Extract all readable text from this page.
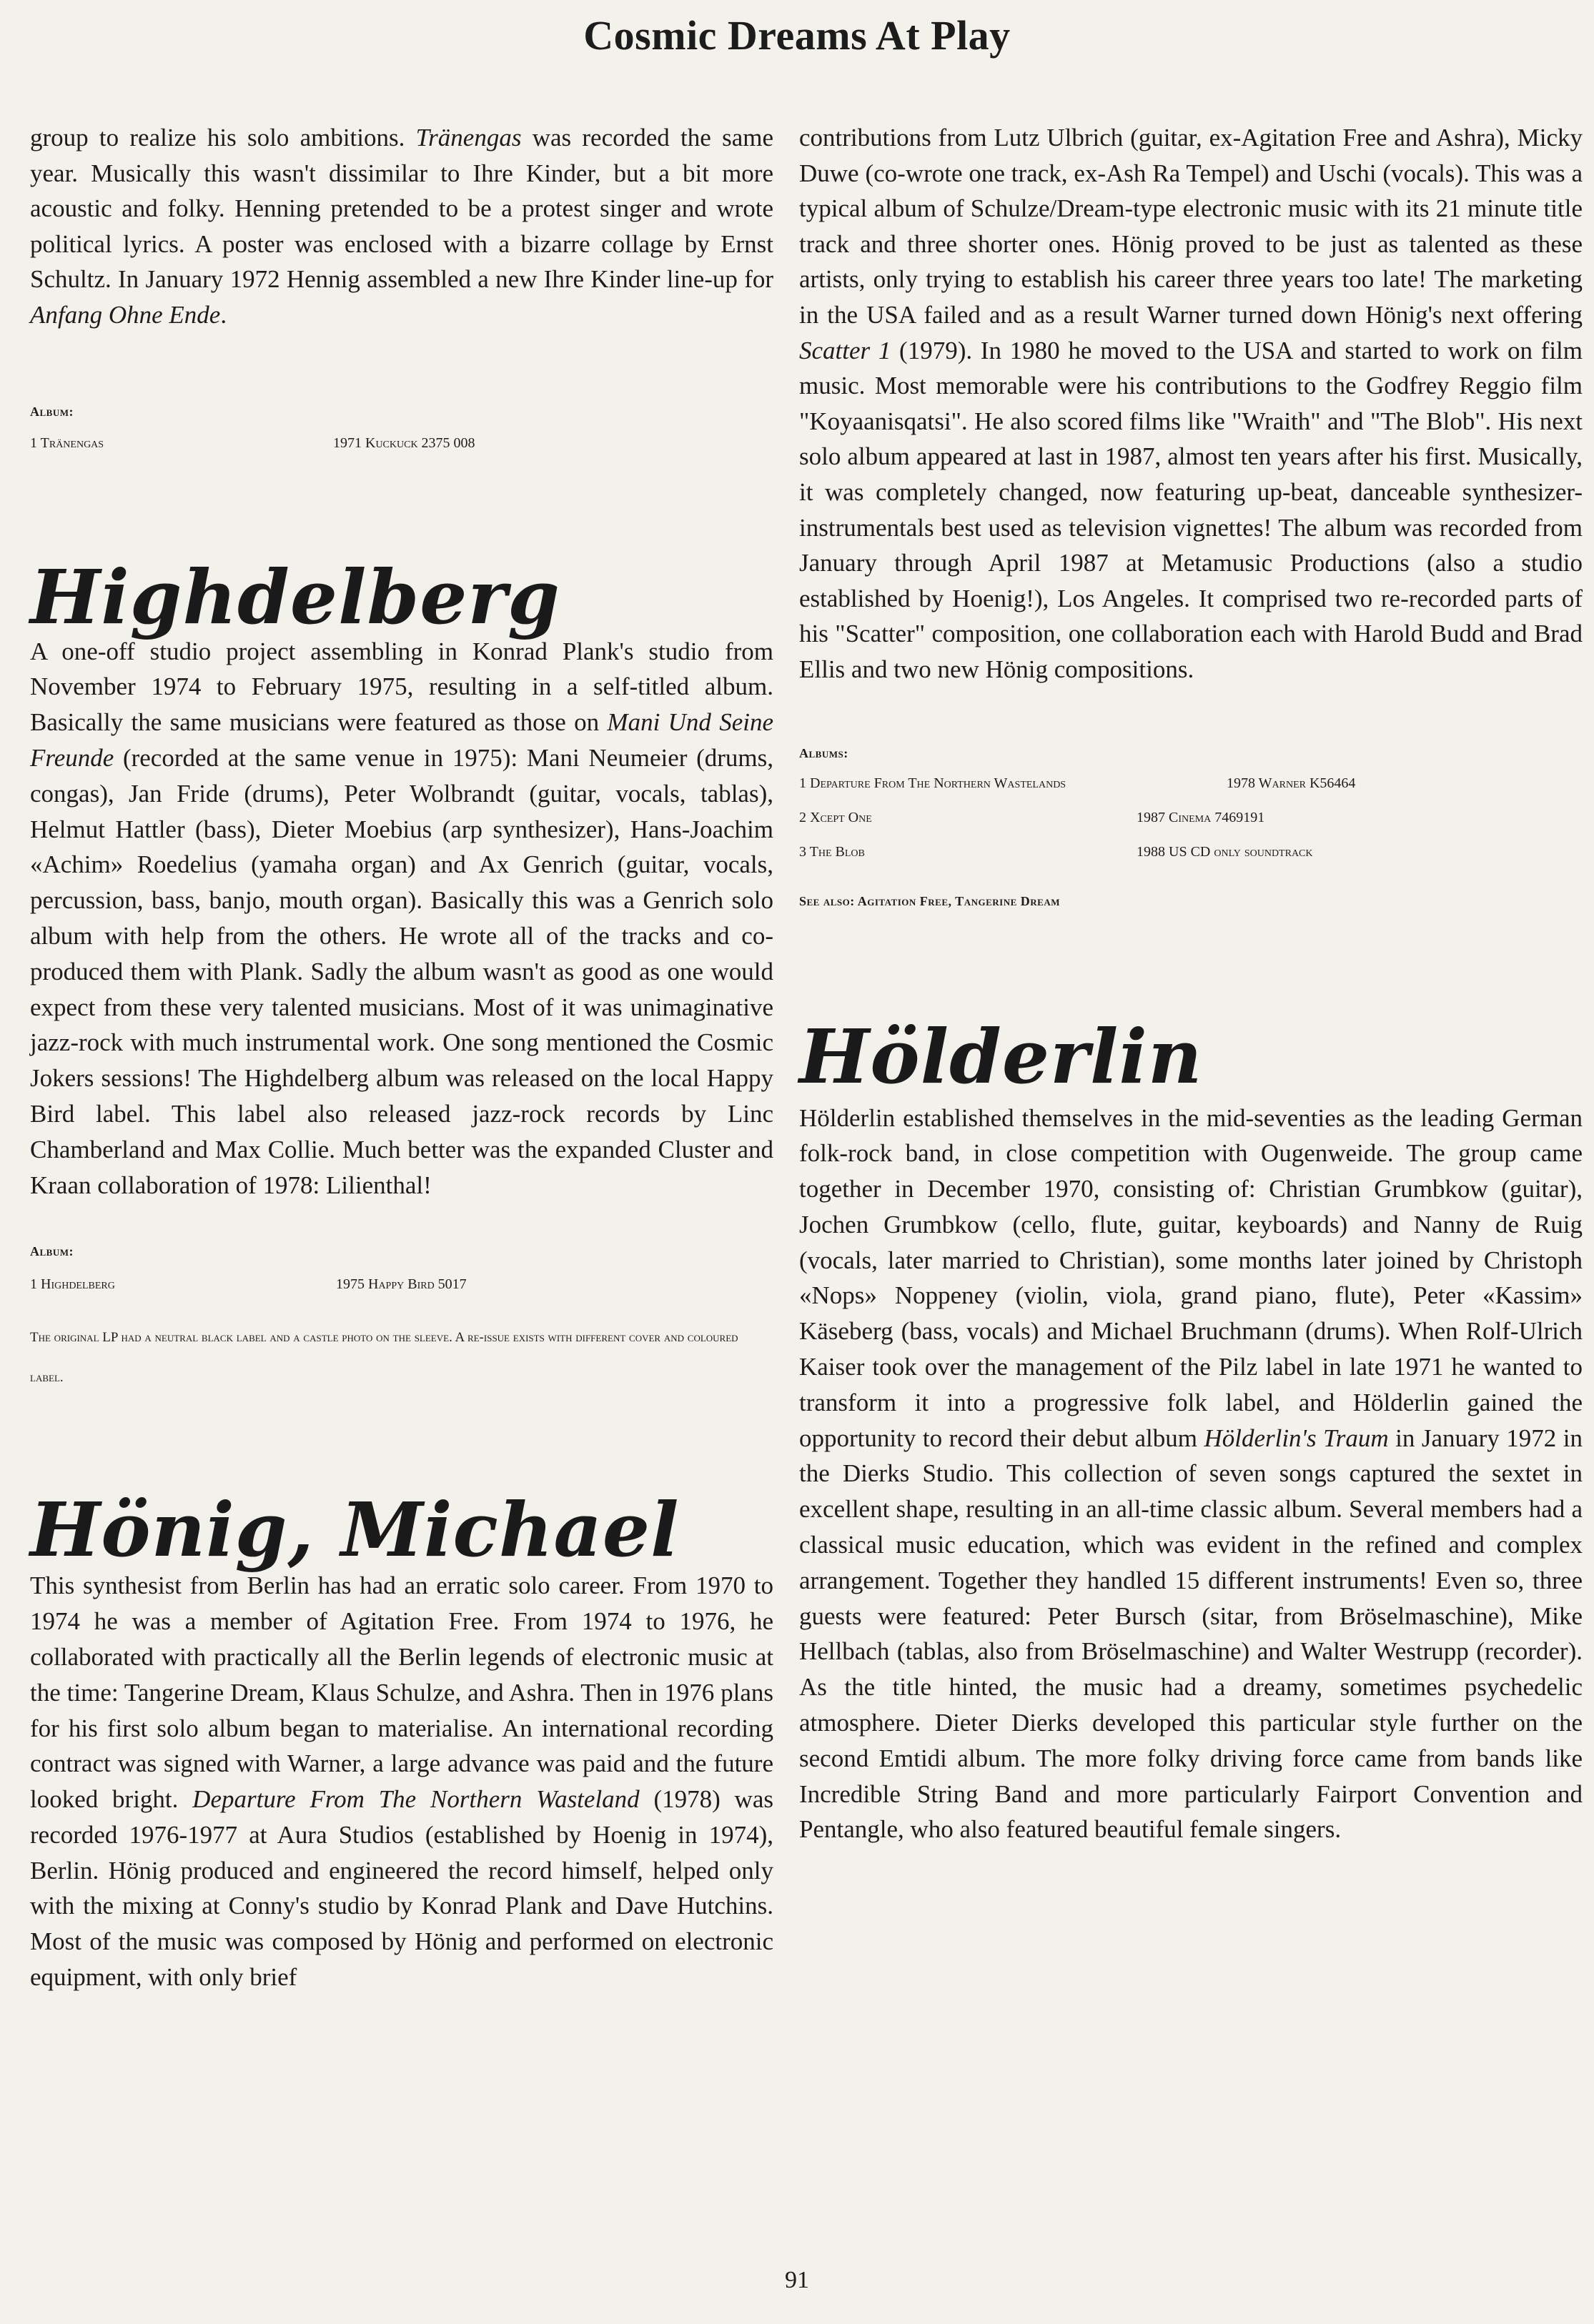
Cosmic Dreams At Play

group to realize his solo ambitions. Tränengas was recorded the same year. Musically this wasn't dissimilar to Ihre Kinder, but a bit more acoustic and folky. Henning pretended to be a protest singer and wrote political lyrics. A poster was enclosed with a bizarre collage by Ernst Schultz. In January 1972 Hennig assembled a new Ihre Kinder line-up for Anfang Ohne Ende.

Album:

1 Tränengas	1971 Kuckuck 2375 008
Highdelberg

A one-off studio project assembling in Konrad Plank's studio from November 1974 to February 1975, resulting in a self-titled album. Basically the same musicians were featured as those on Mani Und Seine Freunde (recorded at the same venue in 1975): Mani Neumeier (drums, congas), Jan Fride (drums), Peter Wolbrandt (guitar, vocals, tablas), Helmut Hattler (bass), Dieter Moebius (arp synthesizer), Hans-Joachim «Achim» Roedelius (yamaha organ) and Ax Genrich (guitar, vocals, percussion, bass, banjo, mouth organ). Basically this was a Genrich solo album with help from the others. He wrote all of the tracks and co-produced them with Plank. Sadly the album wasn't as good as one would expect from these very talented musicians. Most of it was unimaginative jazz-rock with much instrumental work. One song mentioned the Cosmic Jokers sessions! The Highdelberg album was released on the local Happy Bird label. This label also released jazz-rock records by Linc Chamberland and Max Collie. Much better was the expanded Cluster and Kraan collaboration of 1978: Lilienthal!

Album:

1 Highdelberg	1975 Happy Bird 5017

The original LP had a neutral black label and a castle photo on the sleeve. A re-issue exists with different cover and coloured label.

Hönig, Michael

This synthesist from Berlin has had an erratic solo career. From 1970 to 1974 he was a member of Agitation Free. From 1974 to 1976, he collaborated with practically all the Berlin legends of electronic music at the time: Tangerine Dream, Klaus Schulze, and Ashra. Then in 1976 plans for his first solo album began to materialise. An international recording contract was signed with Warner, a large advance was paid and the future looked bright. Departure From The Northern Wasteland (1978) was recorded 1976-1977 at Aura Studios (established by Hoenig in 1974), Berlin. Hönig produced and engineered the record himself, helped only with the mixing at Conny's studio by Konrad Plank and Dave Hutchins. Most of the music was composed by Hönig and performed on electronic equipment, with only brief

contributions from Lutz Ulbrich (guitar, ex-Agitation Free and Ashra), Micky Duwe (co-wrote one track, ex-Ash Ra Tempel) and Uschi (vocals). This was a typical album of Schulze/Dream-type electronic music with its 21 minute title track and three shorter ones. Hönig proved to be just as talented as these artists, only trying to establish his career three years too late! The marketing in the USA failed and as a result Warner turned down Hönig's next offering Scatter 1 (1979). In 1980 he moved to the USA and started to work on film music. Most memorable were his contributions to the Godfrey Reggio film "Koyaanisqatsi". He also scored films like "Wraith" and "The Blob". His next solo album appeared at last in 1987, almost ten years after his first. Musically, it was completely changed, now featuring up-beat, danceable synthesizer-instrumentals best used as television vignettes! The album was recorded from January through April 1987 at Metamusic Productions (also a studio established by Hoenig!), Los Angeles. It comprised two re-recorded parts of his "Scatter" composition, one collaboration each with Harold Budd and Brad Ellis and two new Hönig compositions.

Albums:

1 Departure From The Northern Wastelands	1978 Warner K56464
2 Xcept One	1987 Cinema 7469191
3 The Blob	1988 US CD only soundtrack

See also: Agitation Free, Tangerine Dream

Hölderlin

Hölderlin established themselves in the mid-seventies as the leading German folk-rock band, in close competition with Ougenweide. The group came together in December 1970, consisting of: Christian Grumbkow (guitar), Jochen Grumbkow (cello, flute, guitar, keyboards) and Nanny de Ruig (vocals, later married to Christian), some months later joined by Christoph «Nops» Noppeney (violin, viola, grand piano, flute), Peter «Kassim» Käseberg (bass, vocals) and Michael Bruchmann (drums). When Rolf-Ulrich Kaiser took over the management of the Pilz label in late 1971 he wanted to transform it into a progressive folk label, and Hölderlin gained the opportunity to record their debut album Hölderlin's Traum in January 1972 in the Dierks Studio. This collection of seven songs captured the sextet in excellent shape, resulting in an all-time classic album. Several members had a classical music education, which was evident in the refined and complex arrangement. Together they handled 15 different instruments! Even so, three guests were featured: Peter Bursch (sitar, from Bröselmaschine), Mike Hellbach (tablas, also from Bröselmaschine) and Walter Westrupp (recorder). As the title hinted, the music had a dreamy, sometimes psychedelic atmosphere. Dieter Dierks developed this particular style further on the second Emtidi album. The more folky driving force came from bands like Incredible String Band and more particularly Fairport Convention and Pentangle, who also featured beautiful female singers.

91
